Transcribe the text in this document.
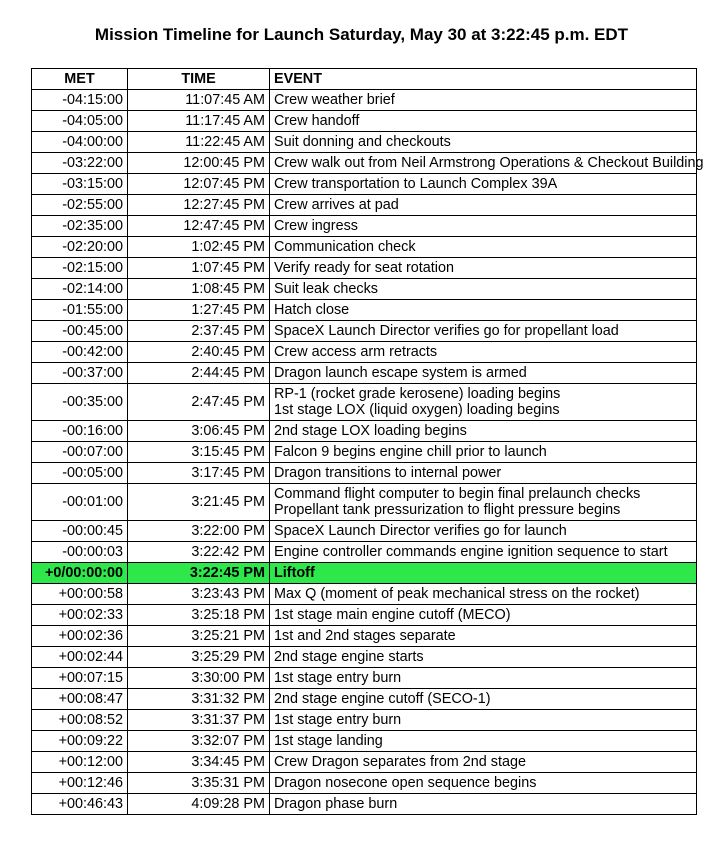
Mission Timeline for Launch Saturday, May 30 at 3:22:45 p.m. EDT
MET	TIME	EVENT
-04:15:00	11:07:45 AM	Crew weather brief

-04:05:00	11:17:45 AM	Crew handoff

-04:00:00	11:22:45 AM	Suit donning and checkouts

-03:22:00	12:00:45 PM	Crew walk out from Neil Armstrong Operations & Checkout Building

-03:15:00	12:07:45 PM	Crew transportation to Launch Complex 39A

-02:55:00	12:27:45 PM	Crew arrives at pad

-02:35:00	12:47:45 PM	Crew ingress

-02:20:00	1:02:45 PM	Communication check

-02:15:00	1:07:45 PM	Verify ready for seat rotation

-02:14:00	1:08:45 PM	Suit leak checks

-01:55:00	1:27:45 PM	Hatch close

-00:45:00	2:37:45 PM	SpaceX Launch Director verifies go for propellant load

-00:42:00	2:40:45 PM	Crew access arm retracts

-00:37:00	2:44:45 PM	Dragon launch escape system is armed

-00:35:00	2:47:45 PM	RP-1 (rocket grade kerosene) loading begins
1st stage LOX (liquid oxygen) loading begins

-00:16:00	3:06:45 PM	2nd stage LOX loading begins

-00:07:00	3:15:45 PM	Falcon 9 begins engine chill prior to launch

-00:05:00	3:17:45 PM	Dragon transitions to internal power

-00:01:00	3:21:45 PM	Command flight computer to begin final prelaunch checks
Propellant tank pressurization to flight pressure begins

-00:00:45	3:22:00 PM	SpaceX Launch Director verifies go for launch

-00:00:03	3:22:42 PM	Engine controller commands engine ignition sequence to start

+0/00:00:00	3:22:45 PM	Liftoff

+00:00:58	3:23:43 PM	Max Q (moment of peak mechanical stress on the rocket)

+00:02:33	3:25:18 PM	1st stage main engine cutoff (MECO)

+00:02:36	3:25:21 PM	1st and 2nd stages separate

+00:02:44	3:25:29 PM	2nd stage engine starts

+00:07:15	3:30:00 PM	1st stage entry burn

+00:08:47	3:31:32 PM	2nd stage engine cutoff (SECO-1)

+00:08:52	3:31:37 PM	1st stage entry burn

+00:09:22	3:32:07 PM	1st stage landing

+00:12:00	3:34:45 PM	Crew Dragon separates from 2nd stage

+00:12:46	3:35:31 PM	Dragon nosecone open sequence begins

+00:46:43	4:09:28 PM	Dragon phase burn
